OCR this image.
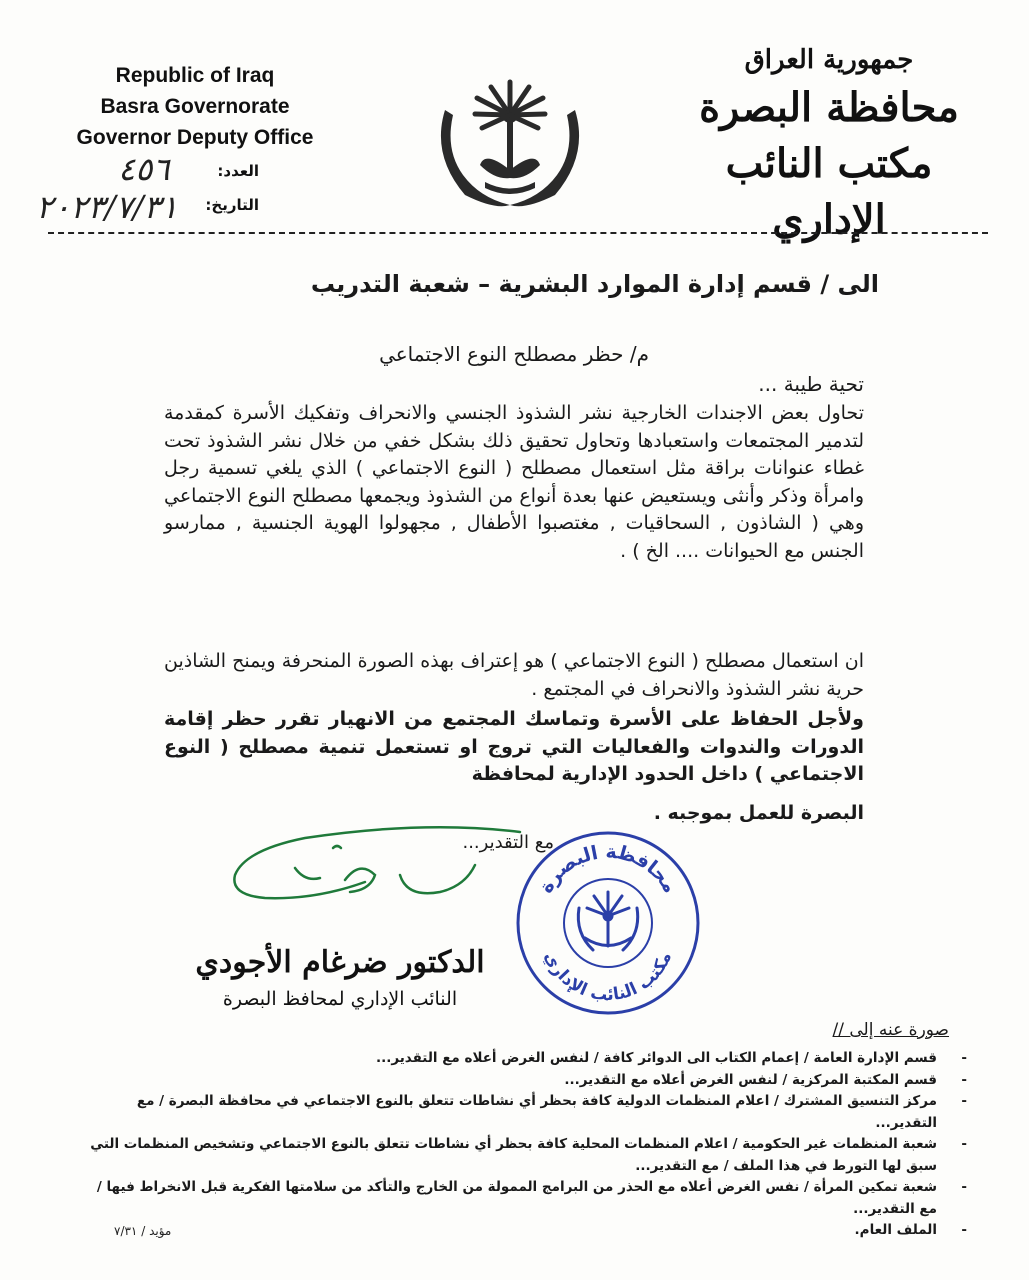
Republic of Iraq
Basra Governorate
Governor Deputy Office
جمهورية العراق
محافظة البصرة
مكتب النائب الإداري
العدد:
التاريخ:
٤٥٦
٢٠٢٣/٧/٣١
الى / قسم إدارة الموارد البشرية – شعبة التدريب
م/ حظر مصطلح النوع الاجتماعي
تحية طيبة ...
تحاول بعض الاجندات الخارجية نشر الشذوذ الجنسي والانحراف وتفكيك الأسرة كمقدمة لتدمير المجتمعات واستعبادها وتحاول تحقيق ذلك بشكل خفي من خلال نشر الشذوذ تحت غطاء عنوانات براقة مثل استعمال مصطلح ( النوع الاجتماعي ) الذي يلغي تسمية رجل وامرأة وذكر وأنثى ويستعيض عنها بعدة أنواع من الشذوذ ويجمعها مصطلح النوع الاجتماعي وهي ( الشاذون , السحاقيات , مغتصبوا الأطفال , مجهولوا الهوية الجنسية , ممارسو الجنس مع الحيوانات .... الخ ) .
ان استعمال مصطلح ( النوع الاجتماعي ) هو إعتراف بهذه الصورة المنحرفة ويمنح الشاذين حرية نشر الشذوذ والانحراف في المجتمع .
ولأجل الحفاظ على الأسرة وتماسك المجتمع من الانهيار تقرر حظر إقامة الدورات والندوات والفعاليات التي تروج او تستعمل تنمية مصطلح ( النوع الاجتماعي ) داخل الحدود الإدارية لمحافظة
البصرة للعمل بموجبه .
مع التقدير...
محافظة البصرة
مكتب النائب الإداري
الدكتور ضرغام الأجودي
النائب الإداري لمحافظ البصرة
صورة عنه إلى //
- قسم الإدارة العامة / إعمام الكتاب الى الدوائر كافة / لنفس الغرض أعلاه مع التقدير...
- قسم المكتبة المركزية / لنفس الغرض أعلاه مع التقدير...
- مركز التنسيق المشترك / اعلام المنظمات الدولية كافة بحظر أي نشاطات تتعلق بالنوع الاجتماعي في محافظة البصرة / مع التقدير...
- شعبة المنظمات غير الحكومية / اعلام المنظمات المحلية كافة بحظر أي نشاطات تتعلق بالنوع الاجتماعي وتشخيص المنظمات التي سبق لها التورط في هذا الملف / مع التقدير...
- شعبة تمكين المرأة / نفس الغرض أعلاه مع الحذر من البرامج الممولة من الخارج والتأكد من سلامتها الفكرية قبل الانخراط فيها / مع التقدير...
- الملف العام.
مؤيد / ٧/٣١
